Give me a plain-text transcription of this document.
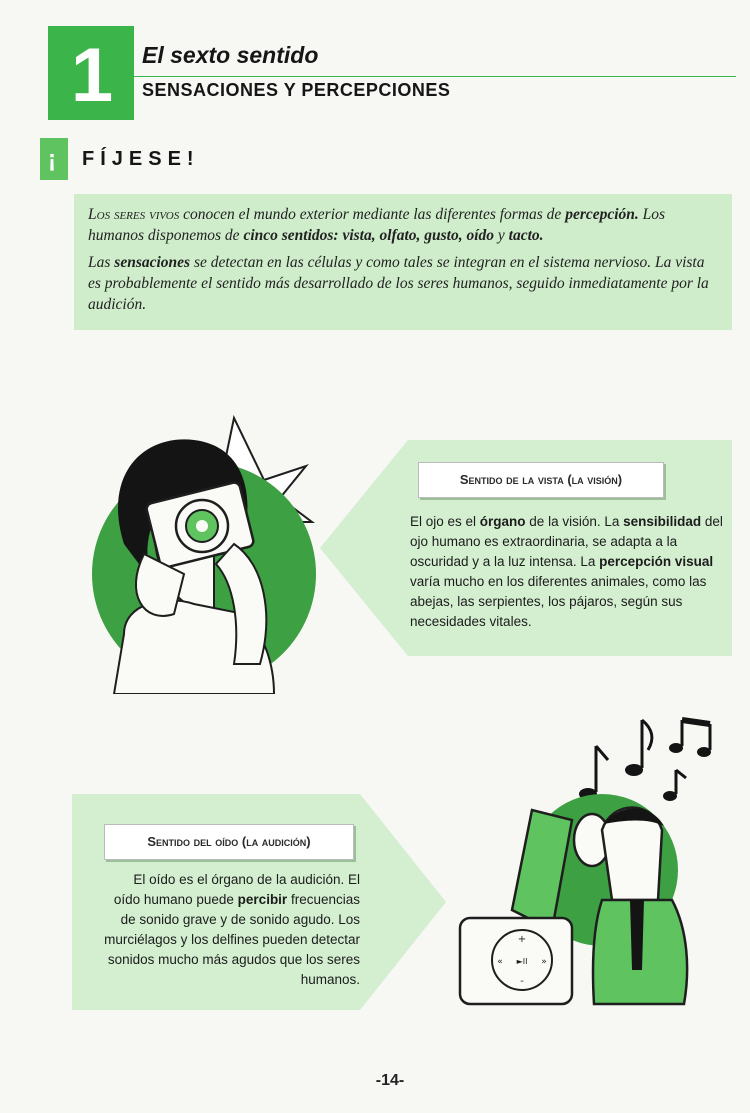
1	El sexto sentido
SENSACIONES Y PERCEPCIONES
¡ FÍJESE!

Los seres vivos conocen el mundo exterior mediante las diferentes formas de percepción. Los humanos disponemos de cinco sentidos: vista, olfato, gusto, oído y tacto.

Las sensaciones se detectan en las células y como tales se integran en el sistema nervioso. La vista es probablemente el sentido más desarrollado de los seres humanos, seguido inmediatamente por la audición.

Sentido de la vista (la visión)
El ojo es el órgano de la visión. La sensibilidad del ojo humano es extraordinaria, se adapta a la oscuridad y a la luz intensa. La percepción visual varía mucho en los diferentes animales, como las abejas, las serpientes, los pájaros, según sus necesidades vitales.
+
-
«	»
►II
Sentido del oído (la audición)
El oído es el órgano de la audición. El oído humano puede percibir frecuencias de sonido grave y de sonido agudo. Los murciélagos y los delfines pueden detectar sonidos mucho más agudos que los seres humanos.
-14-
